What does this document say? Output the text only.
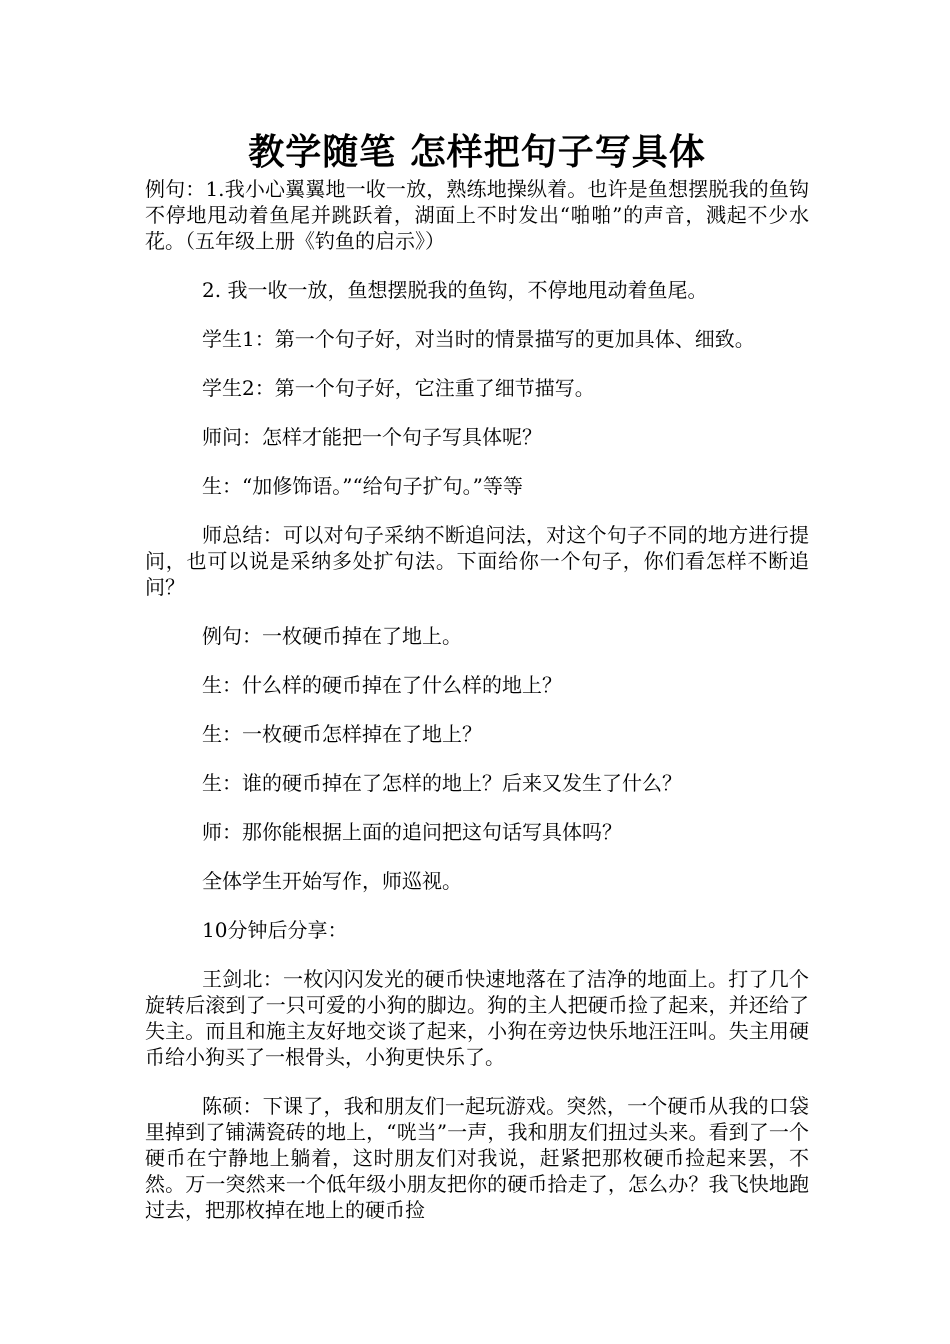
教学随笔 怎样把句子写具体

例句：1.我小心翼翼地一收一放，熟练地操纵着。也许是鱼想摆脱我的鱼钩不停地甩动着鱼尾并跳跃着，湖面上不时发出“啪啪”的声音，溅起不少水花。（五年级上册《钓鱼的启示》）

2. 我一收一放，鱼想摆脱我的鱼钩，不停地甩动着鱼尾。

学生1：第一个句子好，对当时的情景描写的更加具体、细致。

学生2：第一个句子好，它注重了细节描写。

师问：怎样才能把一个句子写具体呢？

生：“加修饰语。”“给句子扩句。”等等

师总结：可以对句子采纳不断追问法，对这个句子不同的地方进行提问，也可以说是采纳多处扩句法。下面给你一个句子，你们看怎样不断追问？

例句：一枚硬币掉在了地上。

生：什么样的硬币掉在了什么样的地上？

生：一枚硬币怎样掉在了地上？

生：谁的硬币掉在了怎样的地上？后来又发生了什么？

师：那你能根据上面的追问把这句话写具体吗？

全体学生开始写作，师巡视。

10分钟后分享：

王剑北：一枚闪闪发光的硬币快速地落在了洁净的地面上。打了几个旋转后滚到了一只可爱的小狗的脚边。狗的主人把硬币捡了起来，并还给了失主。而且和施主友好地交谈了起来，小狗在旁边快乐地汪汪叫。失主用硬币给小狗买了一根骨头，小狗更快乐了。

陈硕：下课了，我和朋友们一起玩游戏。突然，一个硬币从我的口袋里掉到了铺满瓷砖的地上，“咣当”一声，我和朋友们扭过头来。看到了一个硬币在宁静地上躺着，这时朋友们对我说，赶紧把那枚硬币捡起来罢，不然。万一突然来一个低年级小朋友把你的硬币拾走了，怎么办？我飞快地跑过去，把那枚掉在地上的硬币捡
